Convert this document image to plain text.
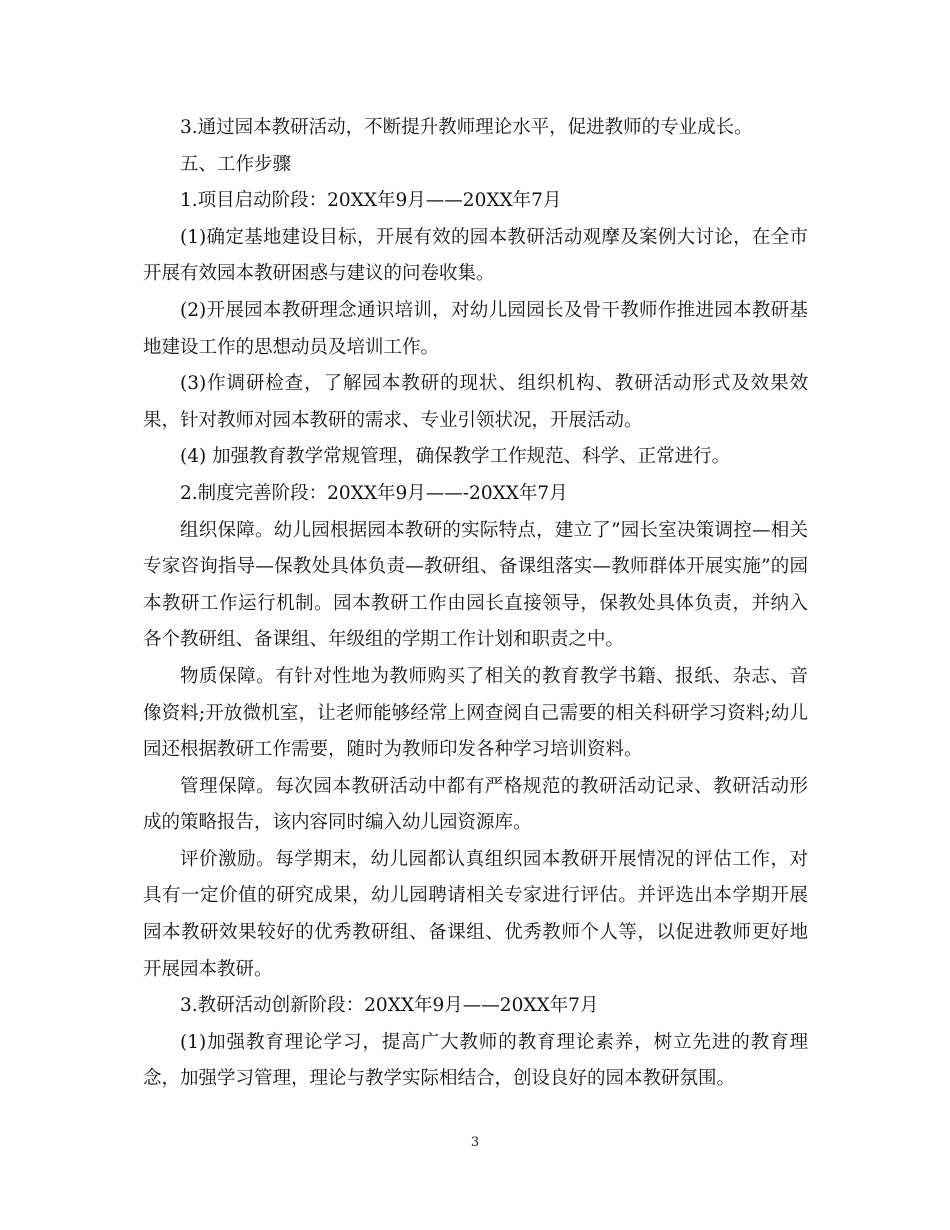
3.通过园本教研活动，不断提升教师理论水平，促进教师的专业成长。

五、工作步骤

1.项目启动阶段：20XX年9月——20XX年7月

(1)确定基地建设目标，开展有效的园本教研活动观摩及案例大讨论，在全市开展有效园本教研困惑与建议的问卷收集。

(2)开展园本教研理念通识培训，对幼儿园园长及骨干教师作推进园本教研基地建设工作的思想动员及培训工作。

(3)作调研检查，了解园本教研的现状、组织机构、教研活动形式及效果效果，针对教师对园本教研的需求、专业引领状况，开展活动。

(4) 加强教育教学常规管理，确保教学工作规范、科学、正常进行。

2.制度完善阶段：20XX年9月——-20XX年7月

组织保障。幼儿园根据园本教研的实际特点，建立了”园长室决策调控—相关专家咨询指导—保教处具体负责—教研组、备课组落实—教师群体开展实施”的园本教研工作运行机制。园本教研工作由园长直接领导，保教处具体负责，并纳入各个教研组、备课组、年级组的学期工作计划和职责之中。

物质保障。有针对性地为教师购买了相关的教育教学书籍、报纸、杂志、音像资料;开放微机室，让老师能够经常上网查阅自己需要的相关科研学习资料;幼儿园还根据教研工作需要，随时为教师印发各种学习培训资料。

管理保障。每次园本教研活动中都有严格规范的教研活动记录、教研活动形成的策略报告，该内容同时编入幼儿园资源库。

评价激励。每学期末，幼儿园都认真组织园本教研开展情况的评估工作，对具有一定价值的研究成果，幼儿园聘请相关专家进行评估。并评选出本学期开展园本教研效果较好的优秀教研组、备课组、优秀教师个人等，以促进教师更好地开展园本教研。

3.教研活动创新阶段：20XX年9月——20XX年7月

(1)加强教育理论学习，提高广大教师的教育理论素养，树立先进的教育理念，加强学习管理，理论与教学实际相结合，创设良好的园本教研氛围。

3
